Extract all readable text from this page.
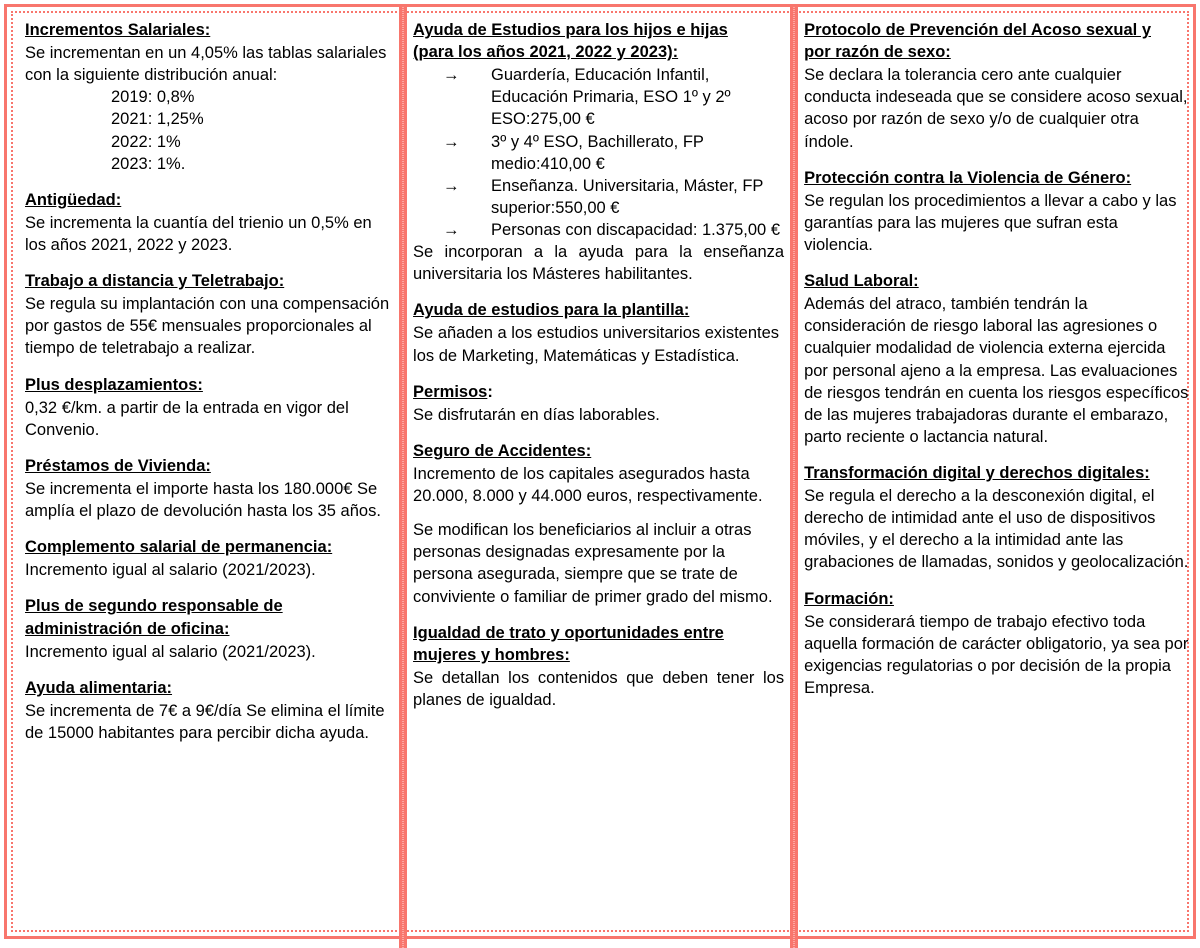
Incrementos Salariales:

Se incrementan en un 4,05% las tablas salariales con la siguiente distribución anual:

2019: 0,8%
2021: 1,25%
2022: 1%
2023: 1%.
Antigüedad:

Se incrementa la cuantía del trienio un 0,5% en los años 2021, 2022 y 2023.

Trabajo a distancia y Teletrabajo:

Se regula su implantación con una compensación por gastos de 55€ mensuales proporcionales al tiempo de teletrabajo a realizar.

Plus desplazamientos:

0,32 €/km. a partir de la entrada en vigor del Convenio.

Préstamos de Vivienda:

Se incrementa el importe hasta los 180.000€ Se amplía el plazo de devolución hasta los 35 años.

Complemento salarial de permanencia:

Incremento igual al salario (2021/2023).

Plus de segundo responsable de administración de oficina:

Incremento igual al salario (2021/2023).

Ayuda alimentaria:

Se incrementa de 7€ a 9€/día Se elimina el límite de 15000 habitantes para percibir dicha ayuda.

Ayuda de Estudios para los hijos e hijas
(para los años 2021, 2022 y 2023):
→ Guardería, Educación Infantil, Educación Primaria, ESO 1º y 2º ESO:275,00 €
→ 3º y 4º ESO, Bachillerato, FP medio:410,00 €
→ Enseñanza. Universitaria, Máster, FP superior:550,00 €
→ Personas con discapacidad: 1.375,00 €

Se incorporan a la ayuda para la enseñanza universitaria los Másteres habilitantes.

Ayuda de estudios para la plantilla:

Se añaden a los estudios universitarios existentes los de Marketing, Matemáticas y Estadística.

Permisos:

Se disfrutarán en días laborables.

Seguro de Accidentes:

Incremento de los capitales asegurados hasta 20.000, 8.000 y 44.000 euros, respectivamente.

Se modifican los beneficiarios al incluir a otras personas designadas expresamente por la persona asegurada, siempre que se trate de conviviente o familiar de primer grado del mismo.

Igualdad de trato y oportunidades entre
mujeres y hombres:

Se detallan los contenidos que deben tener los planes de igualdad.

Protocolo de Prevención del Acoso sexual y
por razón de sexo:

Se declara la tolerancia cero ante cualquier conducta indeseada que se considere acoso sexual, acoso por razón de sexo y/o de cualquier otra índole.

Protección contra la Violencia de Género:

Se regulan los procedimientos a llevar a cabo y las garantías para las mujeres que sufran esta violencia.

Salud Laboral:

Además del atraco, también tendrán la consideración de riesgo laboral las agresiones o cualquier modalidad de violencia externa ejercida por personal ajeno a la empresa. Las evaluaciones de riesgos tendrán en cuenta los riesgos específicos de las mujeres trabajadoras durante el embarazo, parto reciente o lactancia natural.

Transformación digital y derechos digitales:

Se regula el derecho a la desconexión digital, el derecho de intimidad ante el uso de dispositivos móviles, y el derecho a la intimidad ante las grabaciones de llamadas, sonidos y geolocalización.

Formación:

Se considerará tiempo de trabajo efectivo toda aquella formación de carácter obligatorio, ya sea por exigencias regulatorias o por decisión de la propia Empresa.
